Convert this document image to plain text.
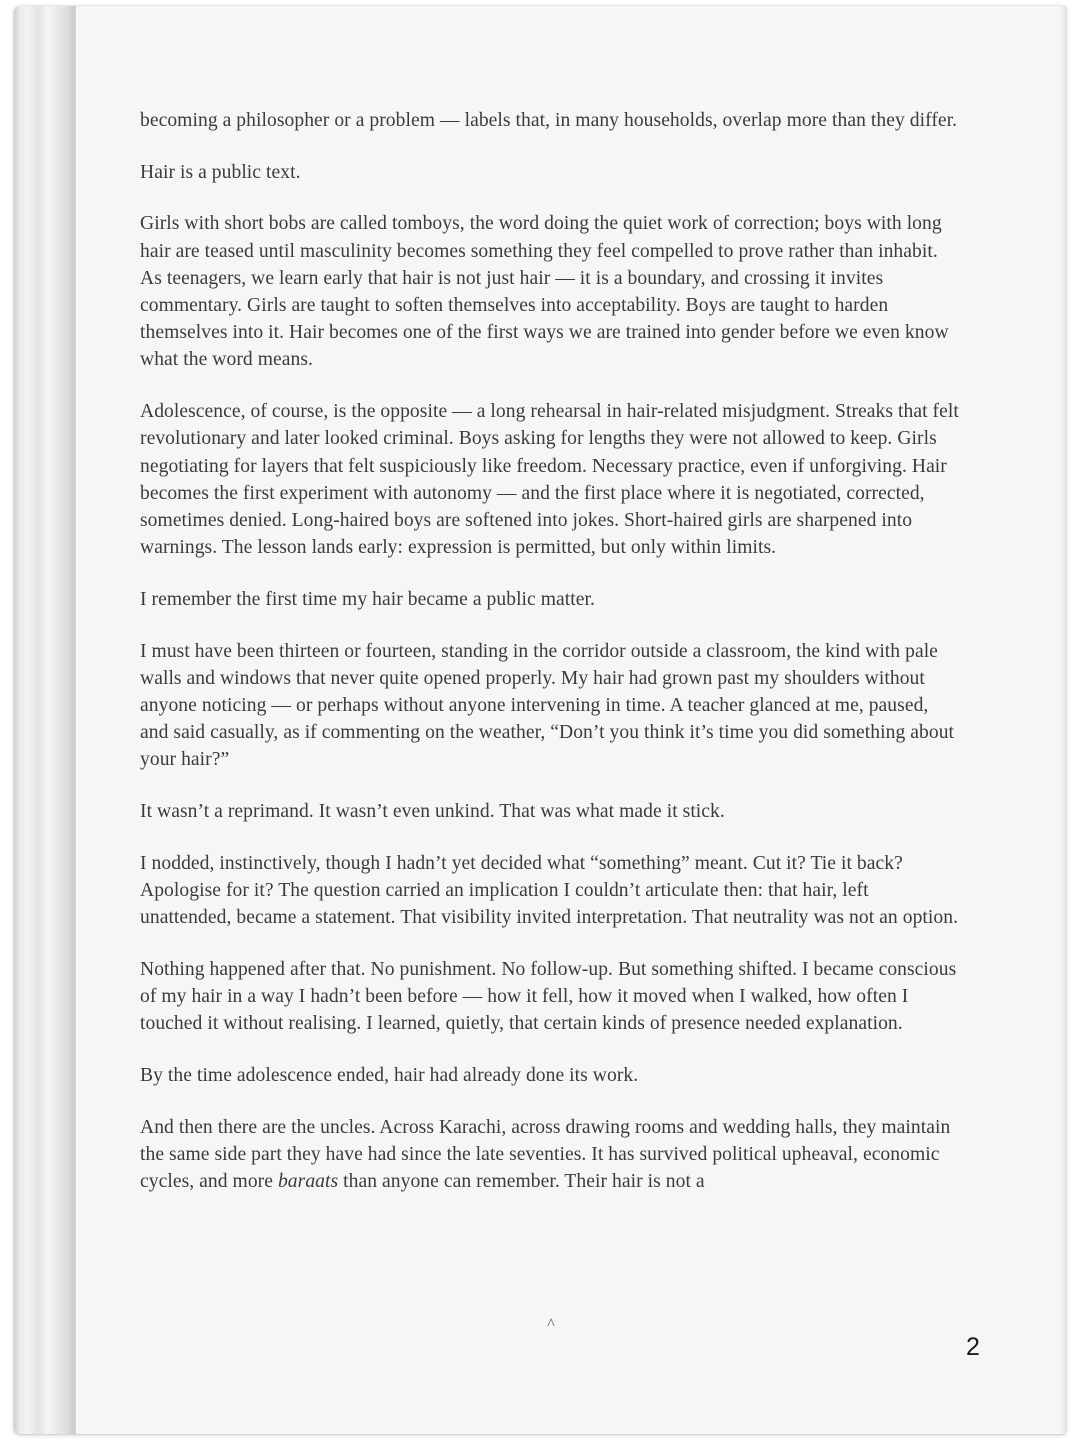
becoming a philosopher or a problem — labels that, in many households, overlap more than they differ.

Hair is a public text.

Girls with short bobs are called tomboys, the word doing the quiet work of correction; boys with long hair are teased until masculinity becomes something they feel compelled to prove rather than inhabit. As teenagers, we learn early that hair is not just hair — it is a boundary, and crossing it invites commentary. Girls are taught to soften themselves into acceptability. Boys are taught to harden themselves into it. Hair becomes one of the first ways we are trained into gender before we even know what the word means.

Adolescence, of course, is the opposite — a long rehearsal in hair-related misjudgment. Streaks that felt revolutionary and later looked criminal. Boys asking for lengths they were not allowed to keep. Girls negotiating for layers that felt suspiciously like freedom. Necessary practice, even if unforgiving. Hair becomes the first experiment with autonomy — and the first place where it is negotiated, corrected, sometimes denied. Long-haired boys are softened into jokes. Short-haired girls are sharpened into warnings. The lesson lands early: expression is permitted, but only within limits.

I remember the first time my hair became a public matter.

I must have been thirteen or fourteen, standing in the corridor outside a classroom, the kind with pale walls and windows that never quite opened properly. My hair had grown past my shoulders without anyone noticing — or perhaps without anyone intervening in time. A teacher glanced at me, paused, and said casually, as if commenting on the weather, “Don’t you think it’s time you did something about your hair?”

It wasn’t a reprimand. It wasn’t even unkind. That was what made it stick.

I nodded, instinctively, though I hadn’t yet decided what “something” meant. Cut it? Tie it back? Apologise for it? The question carried an implication I couldn’t articulate then: that hair, left unattended, became a statement. That visibility invited interpretation. That neutrality was not an option.

Nothing happened after that. No punishment. No follow-up. But something shifted. I became conscious of my hair in a way I hadn’t been before — how it fell, how it moved when I walked, how often I touched it without realising. I learned, quietly, that certain kinds of presence needed explanation.

By the time adolescence ended, hair had already done its work.

And then there are the uncles. Across Karachi, across drawing rooms and wedding halls, they maintain the same side part they have had since the late seventies. It has survived political upheaval, economic cycles, and more baraats than anyone can remember. Their hair is not a

^
2
